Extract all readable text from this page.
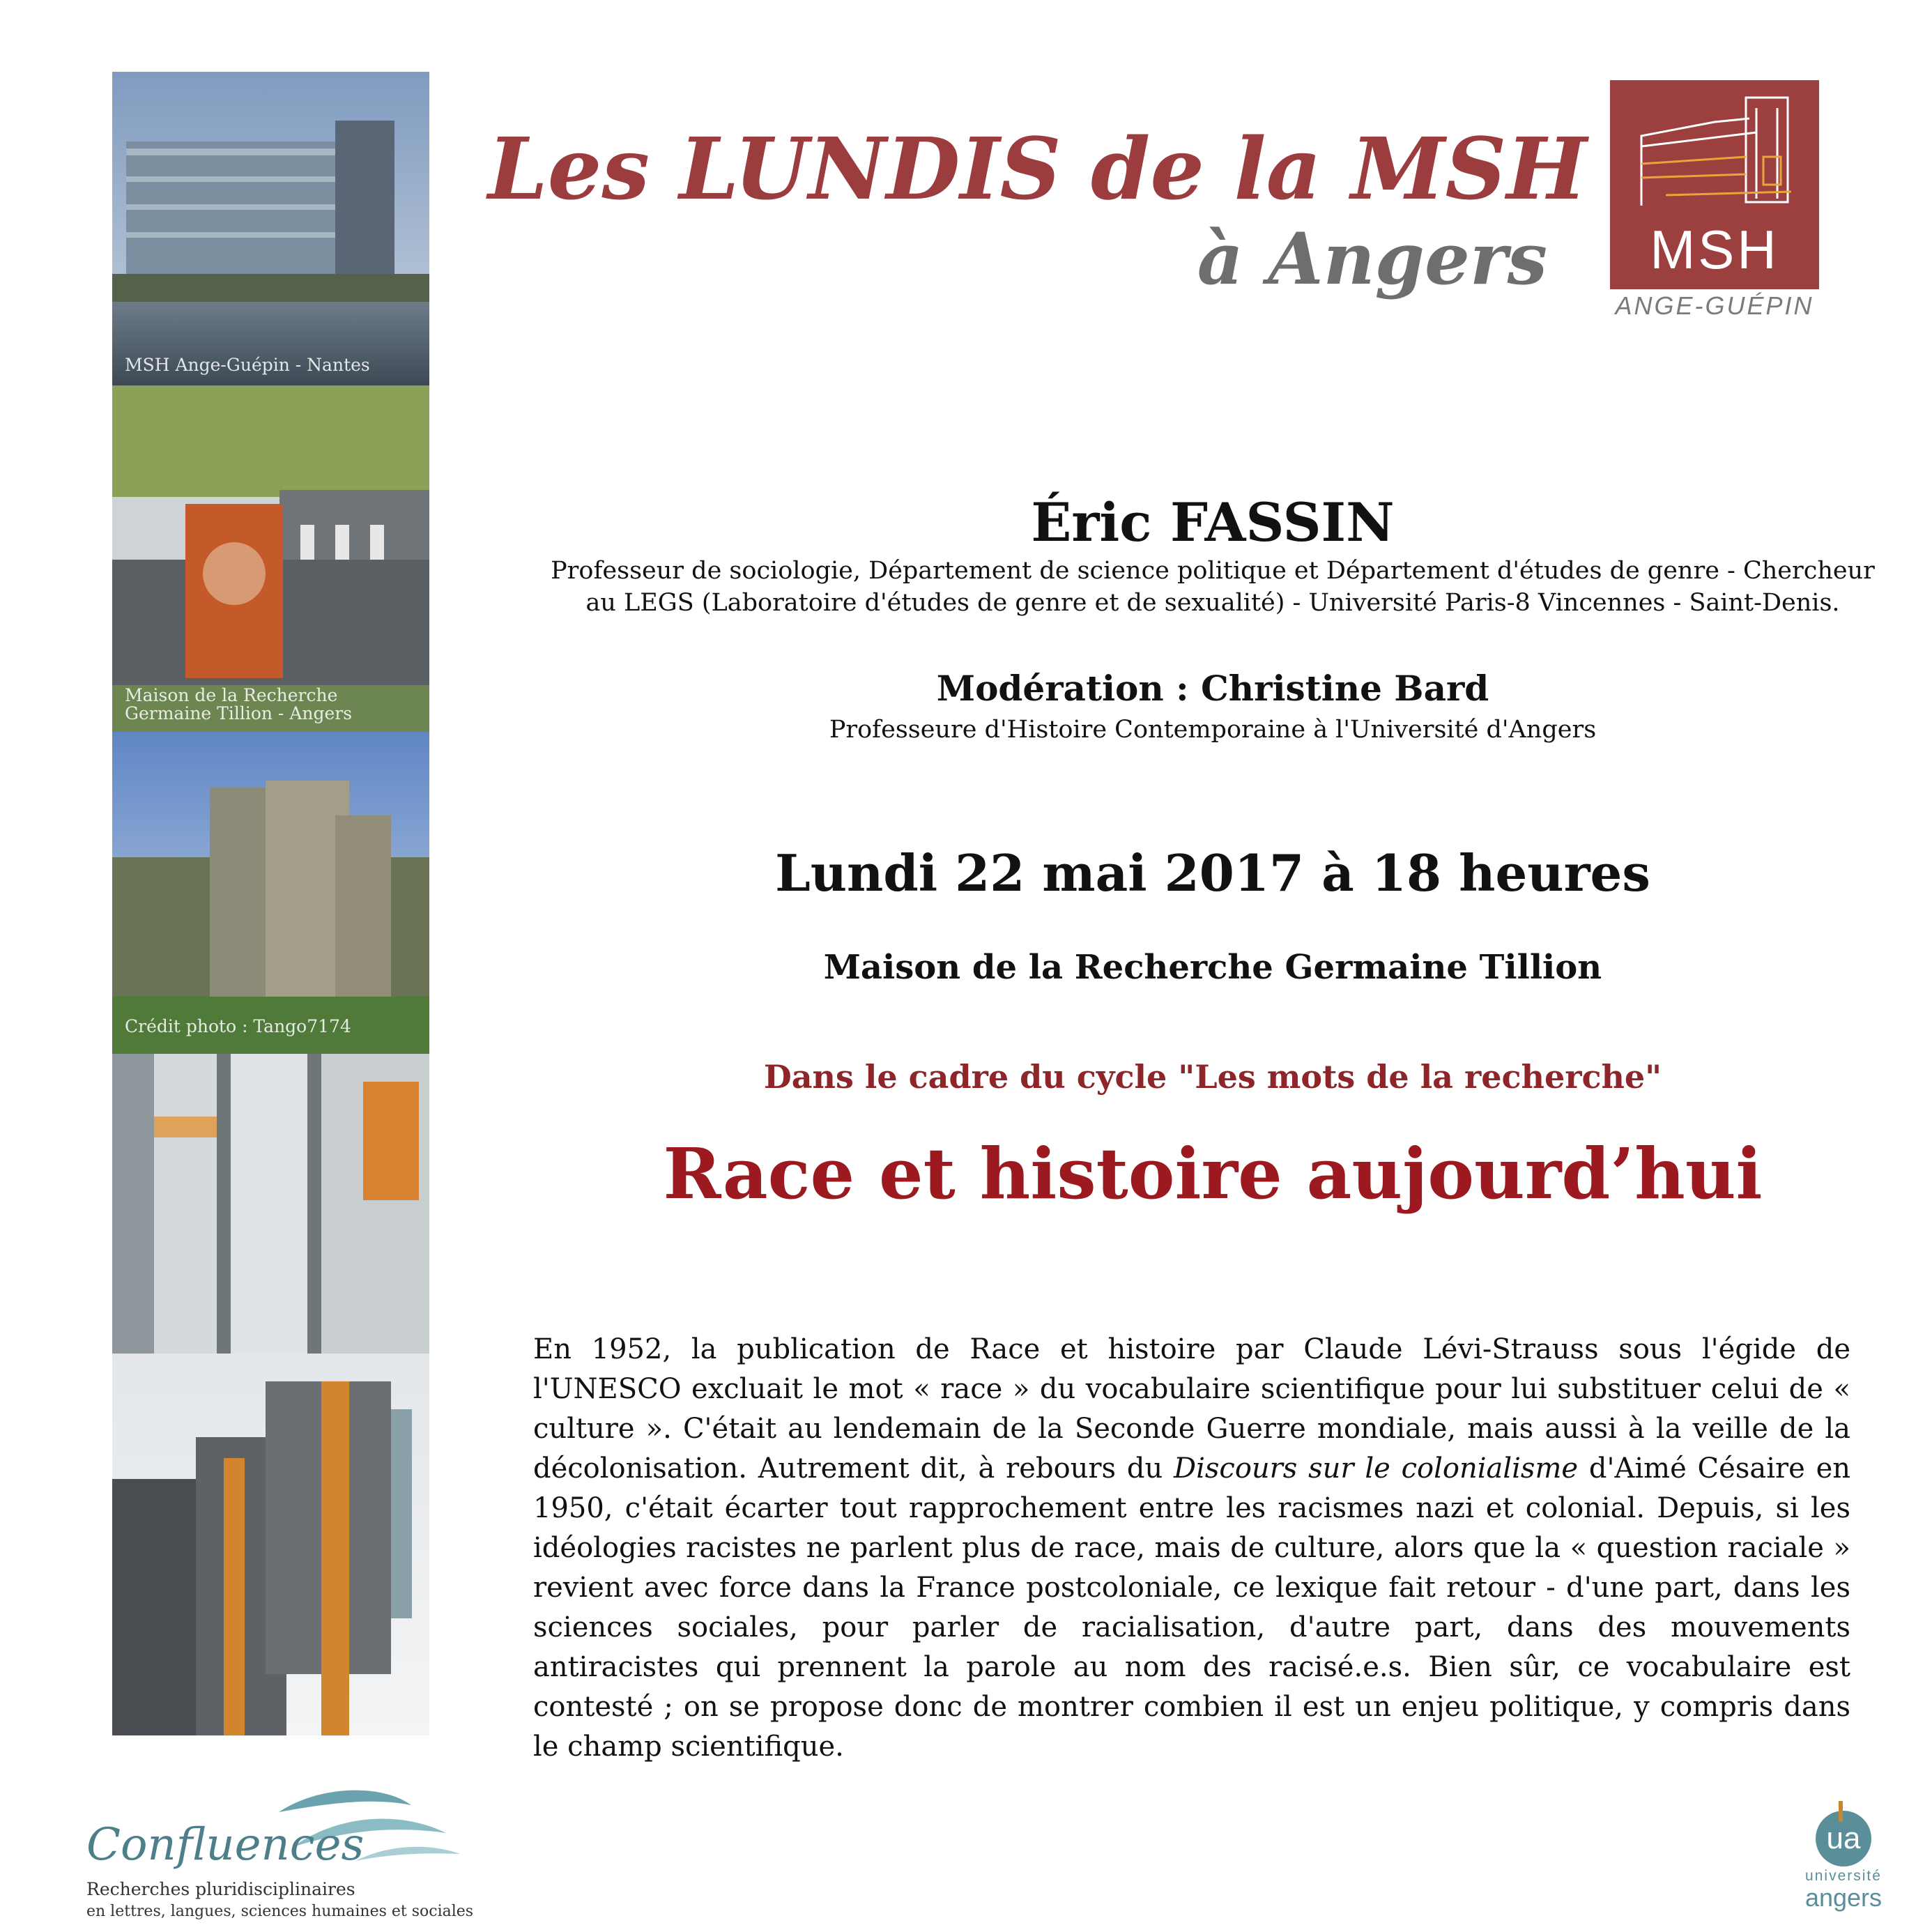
Les LUNDIS de la MSH
à Angers	MSH
ANGE-GUÉPIN
MSH Ange-Guépin - Nantes
Maison de la Recherche Germaine Tillion - Angers
Crédit photo : Tango7174
Éric FASSIN
Professeur de sociologie, Département de science politique et Département d'études de genre - Chercheur
au LEGS (Laboratoire d'études de genre et de sexualité) - Université Paris-8 Vincennes - Saint-Denis.
Modération : Christine Bard
Professeure d'Histoire Contemporaine à l'Université d'Angers
Lundi 22 mai 2017 à 18 heures
Maison de la Recherche Germaine Tillion
Dans le cadre du cycle "Les mots de la recherche"
Race et histoire aujourd’hui
En 1952, la publication de Race et histoire par Claude Lévi-Strauss sous l'égide de l'UNESCO excluait le mot « race » du vocabulaire scientifique pour lui substituer celui de « culture ». C'était au lendemain de la Seconde Guerre mondiale, mais aussi à la veille de la décolonisation. Autrement dit, à rebours du Discours sur le colonialisme d'Aimé Césaire en 1950, c'était écarter tout rapprochement entre les racismes nazi et colonial. Depuis, si les idéologies racistes ne parlent plus de race, mais de culture, alors que la « question raciale » revient avec force dans la France postcoloniale, ce lexique fait retour - d'une part, dans les sciences sociales, pour parler de racialisation, d'autre part, dans des mouvements antiracistes qui prennent la parole au nom des racisé.e.s. Bien sûr, ce vocabulaire est contesté ; on se propose donc de montrer combien il est un enjeu politique, y compris dans le champ scientifique.
Confluences
Recherches pluridisciplinaires
en lettres, langues, sciences humaines et sociales
ua
université
angers
